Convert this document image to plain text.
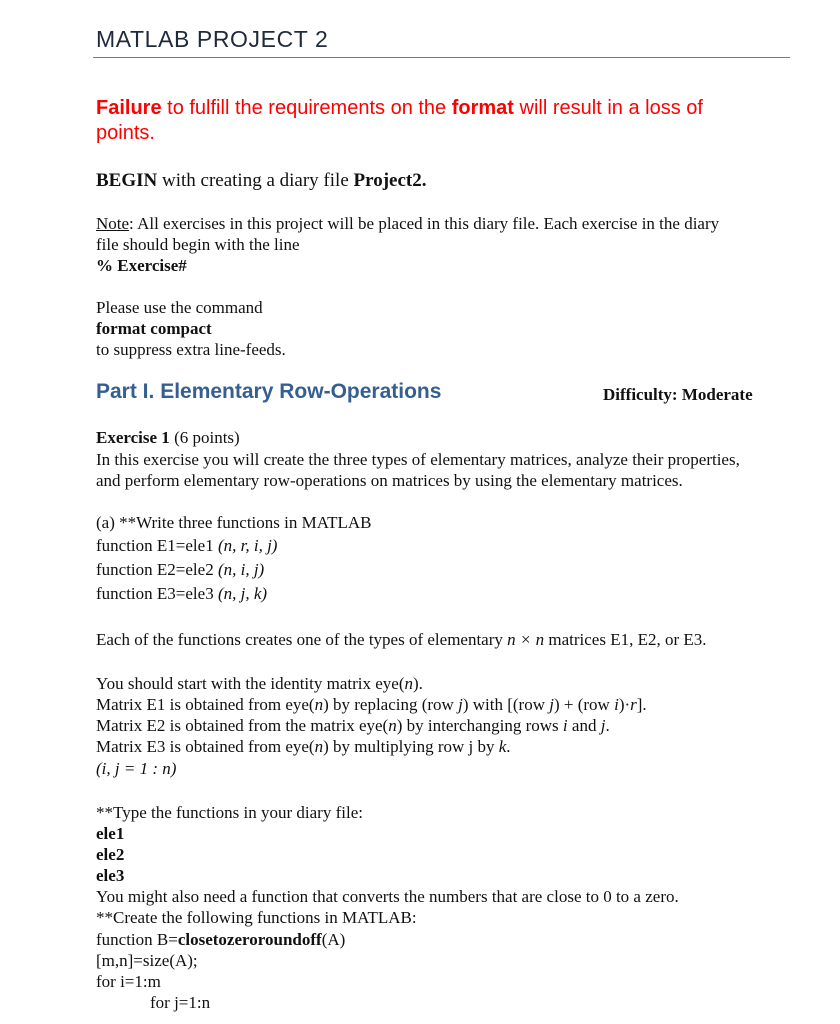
MATLAB PROJECT 2
Failure to fulfill the requirements on the format will result in a loss of
points.
BEGIN with creating a diary file Project2.
Note: All exercises in this project will be placed in this diary file. Each exercise in the diary
file should begin with the line
% Exercise#
Please use the command
format compact
to suppress extra line-feeds.
Part I. Elementary Row-Operations	Difficulty: Moderate
Exercise 1 (6 points)
In this exercise you will create the three types of elementary matrices, analyze their properties,
and perform elementary row-operations on matrices by using the elementary matrices.
(a) **Write three functions in MATLAB
function E1=ele1 (n, r, i, j)
function E2=ele2 (n, i, j)
function E3=ele3 (n, j, k)
Each of the functions creates one of the types of elementary n × n matrices E1, E2, or E3.
You should start with the identity matrix eye(n).
Matrix E1 is obtained from eye(n) by replacing (row j) with [(row j) + (row i)·r].
Matrix E2 is obtained from the matrix eye(n) by interchanging rows i and j.
Matrix E3 is obtained from eye(n) by multiplying row j by k.
(i, j = 1 : n)
**Type the functions in your diary file:
ele1
ele2
ele3
You might also need a function that converts the numbers that are close to 0 to a zero.
**Create the following functions in MATLAB:
function B=closetozeroroundoff(A)
[m,n]=size(A);
for i=1:m
for j=1:n
